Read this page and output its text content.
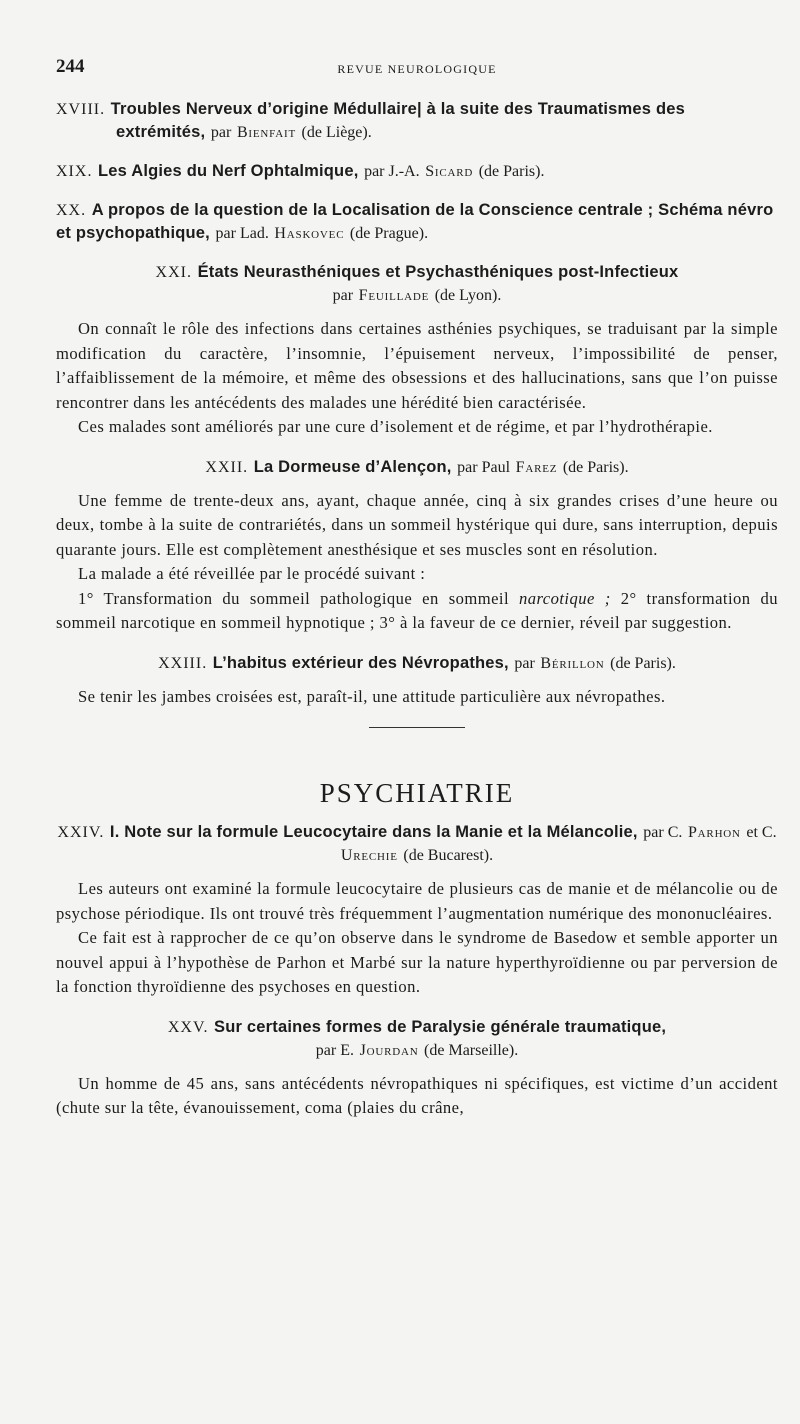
244	REVUE NEUROLOGIQUE

XVIII. Troubles Nerveux d’origine Médullaire| à la suite des Traumatismes des extrémités, par Bienfait (de Liège).

XIX. Les Algies du Nerf Ophtalmique, par J.-A. Sicard (de Paris).

XX. A propos de la question de la Localisation de la Conscience centrale ; Schéma névro et psychopathique, par Lad. Haskovec (de Prague).

XXI. États Neurasthéniques et Psychasthéniques post-Infectieux
par Feuillade (de Lyon).

On connaît le rôle des infections dans certaines asthénies psychiques, se traduisant par la simple modification du caractère, l’insomnie, l’épuisement nerveux, l’impossibilité de penser, l’affaiblissement de la mémoire, et même des obsessions et des hallucinations, sans que l’on puisse rencontrer dans les antécédents des malades une hérédité bien caractérisée.

Ces malades sont améliorés par une cure d’isolement et de régime, et par l’hydrothérapie.

XXII. La Dormeuse d’Alençon, par Paul Farez (de Paris).

Une femme de trente-deux ans, ayant, chaque année, cinq à six grandes crises d’une heure ou deux, tombe à la suite de contrariétés, dans un sommeil hystérique qui dure, sans interruption, depuis quarante jours. Elle est complètement anesthésique et ses muscles sont en résolution.

La malade a été réveillée par le procédé suivant :

1° Transformation du sommeil pathologique en sommeil narcotique ; 2° transformation du sommeil narcotique en sommeil hypnotique ; 3° à la faveur de ce dernier, réveil par suggestion.

XXIII. L’habitus extérieur des Névropathes, par Bérillon (de Paris).

Se tenir les jambes croisées est, paraît-il, une attitude particulière aux névropathes.

PSYCHIATRIE

XXIV. I. Note sur la formule Leucocytaire dans la Manie et la Mélancolie, par C. Parhon et C. Urechie (de Bucarest).

Les auteurs ont examiné la formule leucocytaire de plusieurs cas de manie et de mélancolie ou de psychose périodique. Ils ont trouvé très fréquemment l’augmentation numérique des mononucléaires.

Ce fait est à rapprocher de ce qu’on observe dans le syndrome de Basedow et semble apporter un nouvel appui à l’hypothèse de Parhon et Marbé sur la nature hyperthyroïdienne ou par perversion de la fonction thyroïdienne des psychoses en question.

XXV. Sur certaines formes de Paralysie générale traumatique,
par E. Jourdan (de Marseille).

Un homme de 45 ans, sans antécédents névropathiques ni spécifiques, est victime d’un accident (chute sur la tête, évanouissement, coma (plaies du crâne,
